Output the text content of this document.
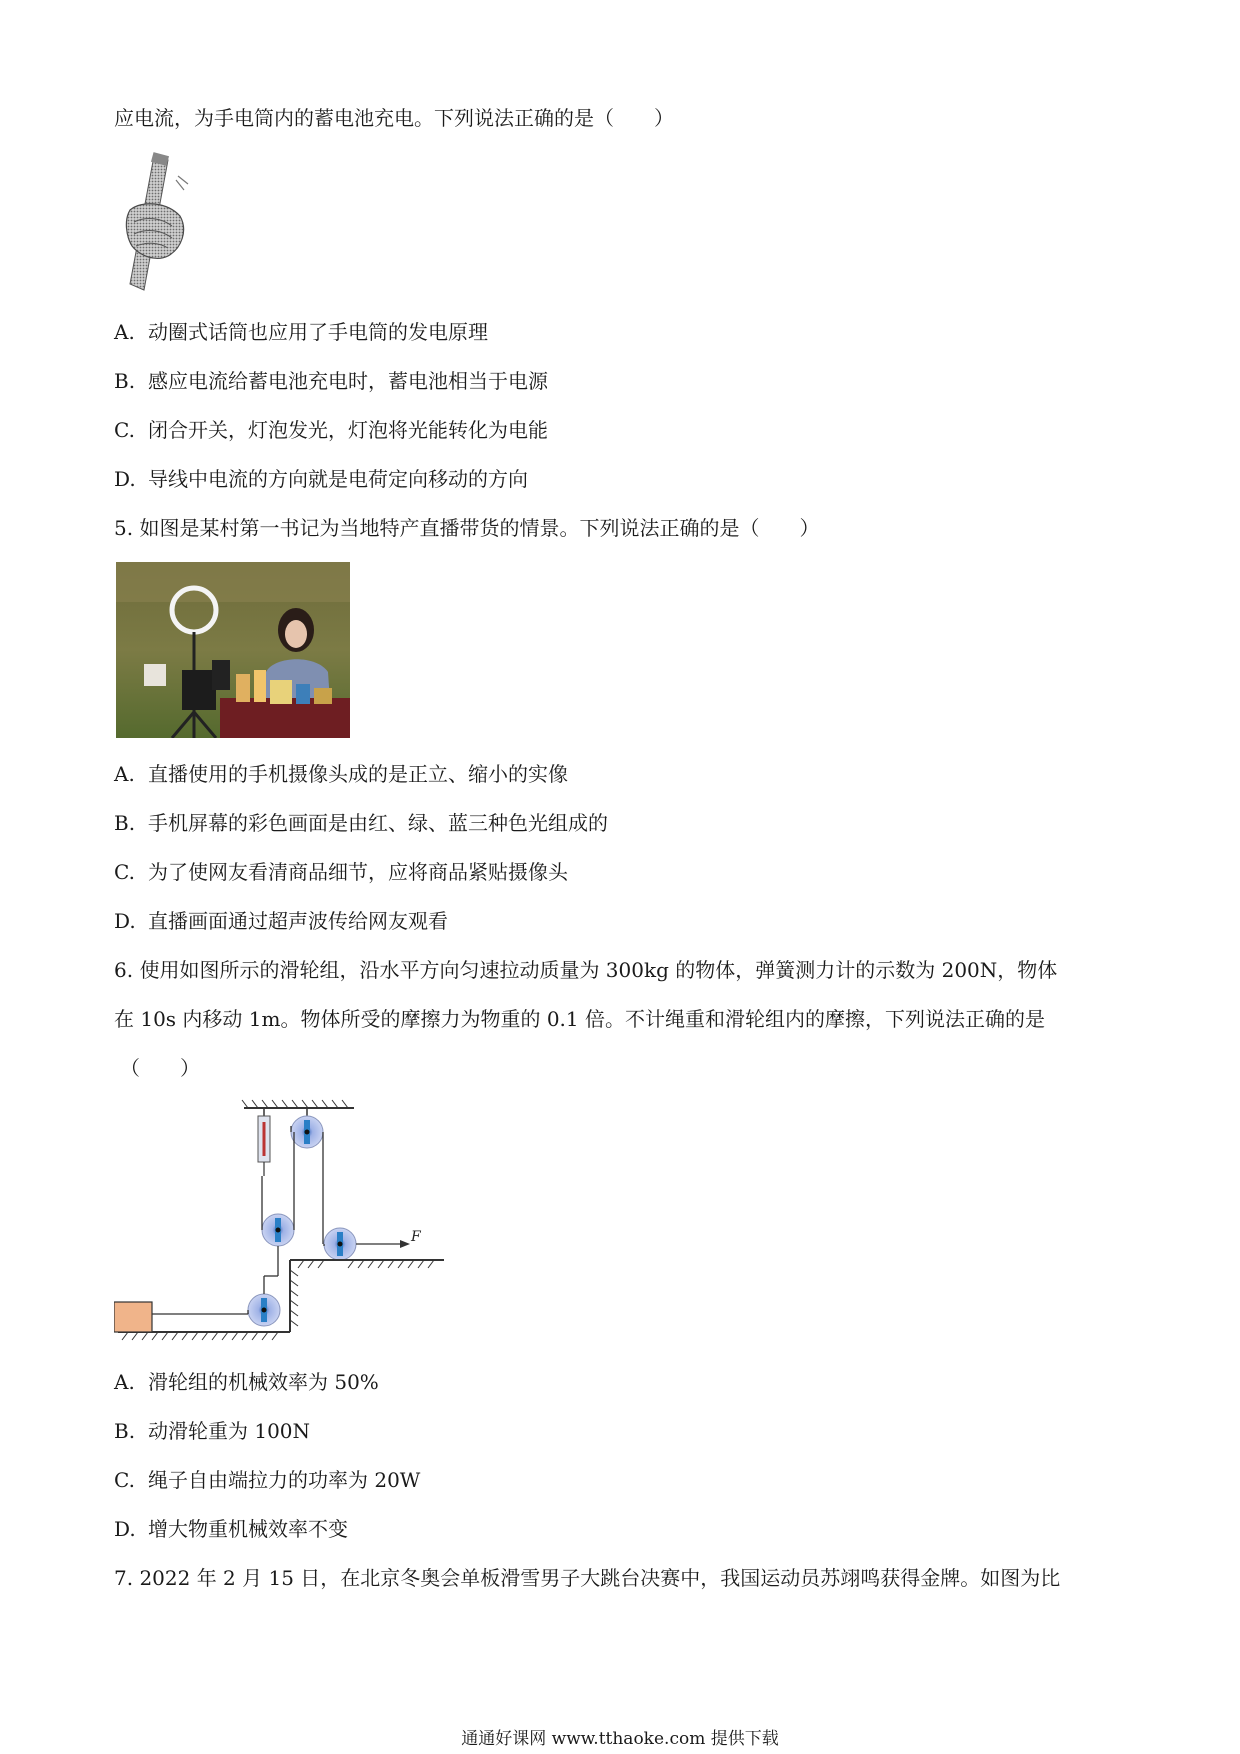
应电流，为手电筒内的蓄电池充电。下列说法正确的是（　　）
A. 动圈式话筒也应用了手电筒的发电原理
B. 感应电流给蓄电池充电时，蓄电池相当于电源
C. 闭合开关，灯泡发光，灯泡将光能转化为电能
D. 导线中电流的方向就是电荷定向移动的方向
5. 如图是某村第一书记为当地特产直播带货的情景。下列说法正确的是（　　）
A. 直播使用的手机摄像头成的是正立、缩小的实像
B. 手机屏幕的彩色画面是由红、绿、蓝三种色光组成的
C. 为了使网友看清商品细节，应将商品紧贴摄像头
D. 直播画面通过超声波传给网友观看
6. 使用如图所示的滑轮组，沿水平方向匀速拉动质量为 300kg 的物体，弹簧测力计的示数为 200N，物体
在 10s 内移动 1m。物体所受的摩擦力为物重的 0.1 倍。不计绳重和滑轮组内的摩擦，下列说法正确的是
（　　）
F
A. 滑轮组的机械效率为 50%
B. 动滑轮重为 100N
C. 绳子自由端拉力的功率为 20W
D. 增大物重机械效率不变
7. 2022 年 2 月 15 日，在北京冬奥会单板滑雪男子大跳台决赛中，我国运动员苏翊鸣获得金牌。如图为比
通通好课网 www.tthaoke.com 提供下载
